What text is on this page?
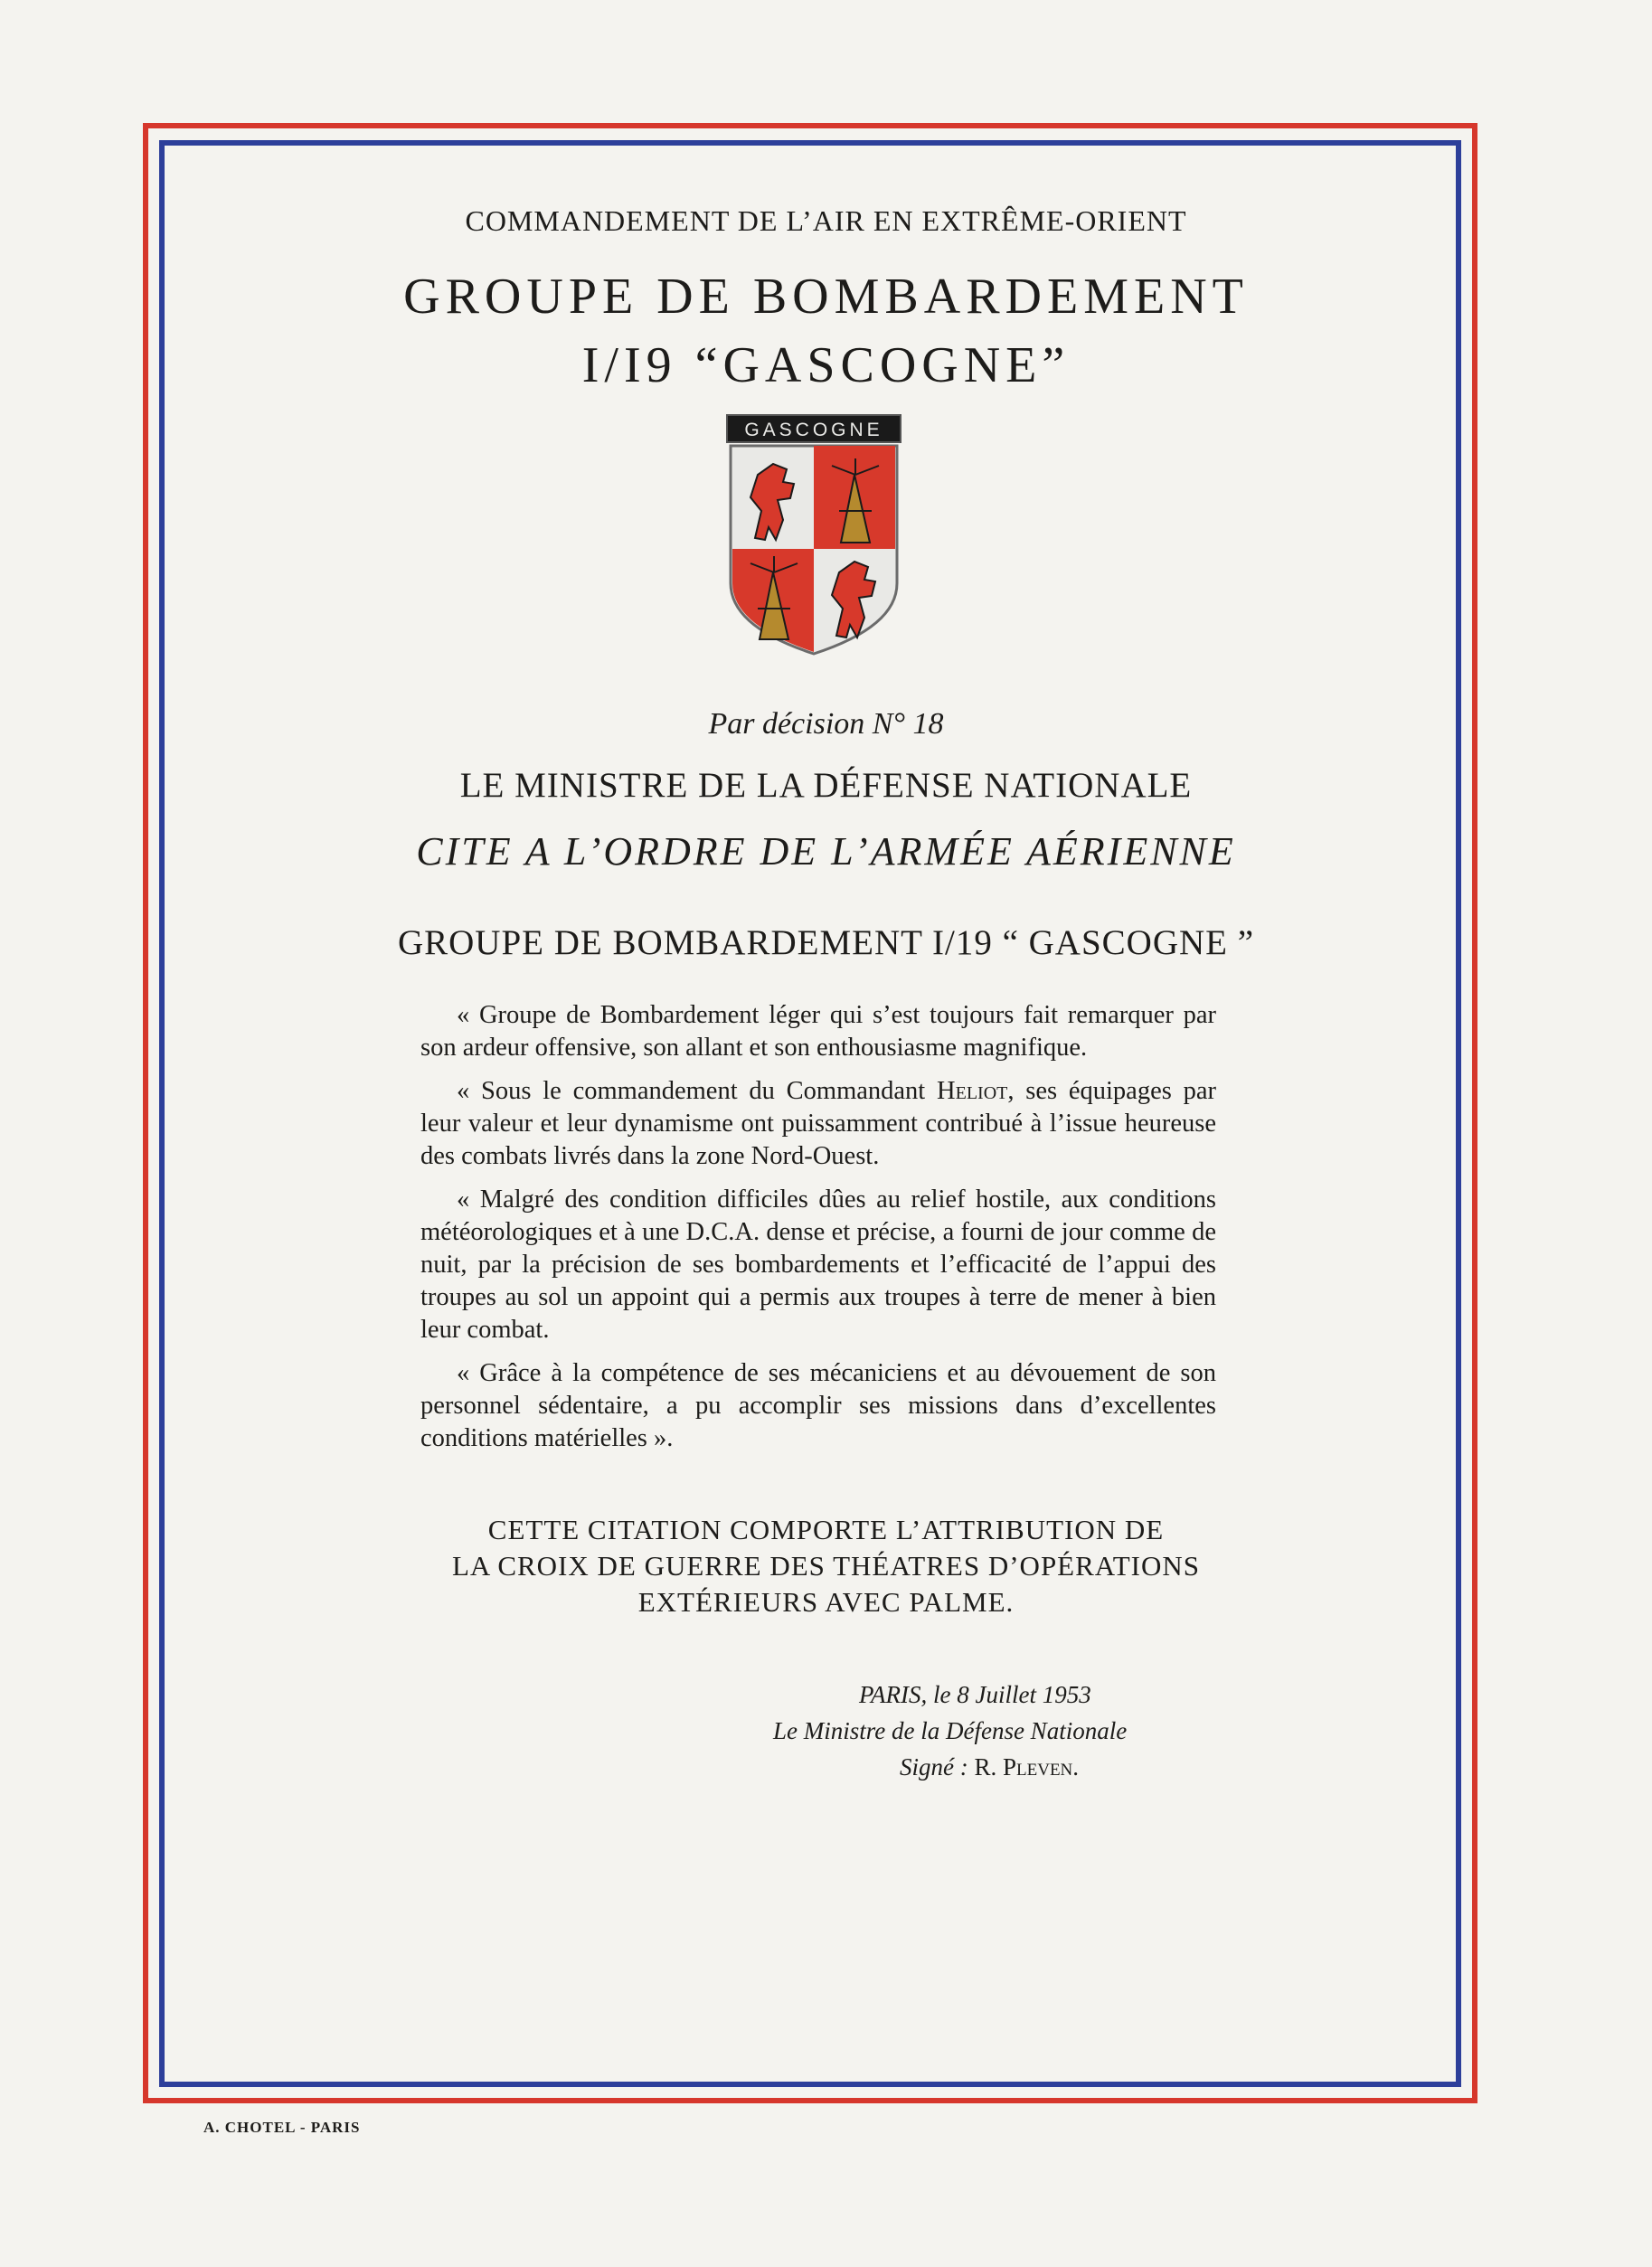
COMMANDEMENT DE L’AIR EN EXTRÊME-ORIENT
GROUPE DE BOMBARDEMENT
I/I9 “GASCOGNE”
GASCOGNE
Par décision N° 18
LE MINISTRE DE LA DÉFENSE NATIONALE
CITE A L’ORDRE DE L’ARMÉE AÉRIENNE
GROUPE DE BOMBARDEMENT I/19 “ GASCOGNE ”

« Groupe de Bombardement léger qui s’est toujours fait remarquer par son ardeur offensive, son allant et son enthousiasme magnifique.

« Sous le commandement du Commandant Heliot, ses équipages par leur valeur et leur dynamisme ont puissamment contribué à l’issue heureuse des combats livrés dans la zone Nord-Ouest.

« Malgré des condition difficiles dûes au relief hostile, aux conditions météorologiques et à une D.C.A. dense et précise, a fourni de jour comme de nuit, par la précision de ses bombardements et l’efficacité de l’appui des troupes au sol un appoint qui a permis aux troupes à terre de mener à bien leur combat.

« Grâce à la compétence de ses mécaniciens et au dévouement de son personnel sédentaire, a pu accomplir ses missions dans d’excellentes conditions matérielles ».

CETTE CITATION COMPORTE L’ATTRIBUTION DE
LA CROIX DE GUERRE DES THÉATRES D’OPÉRATIONS
EXTÉRIEURS AVEC PALME.
PARIS, le 8 Juillet 1953
Le Ministre de la Défense Nationale
Signé : R. Pleven.
A. CHOTEL - PARIS
